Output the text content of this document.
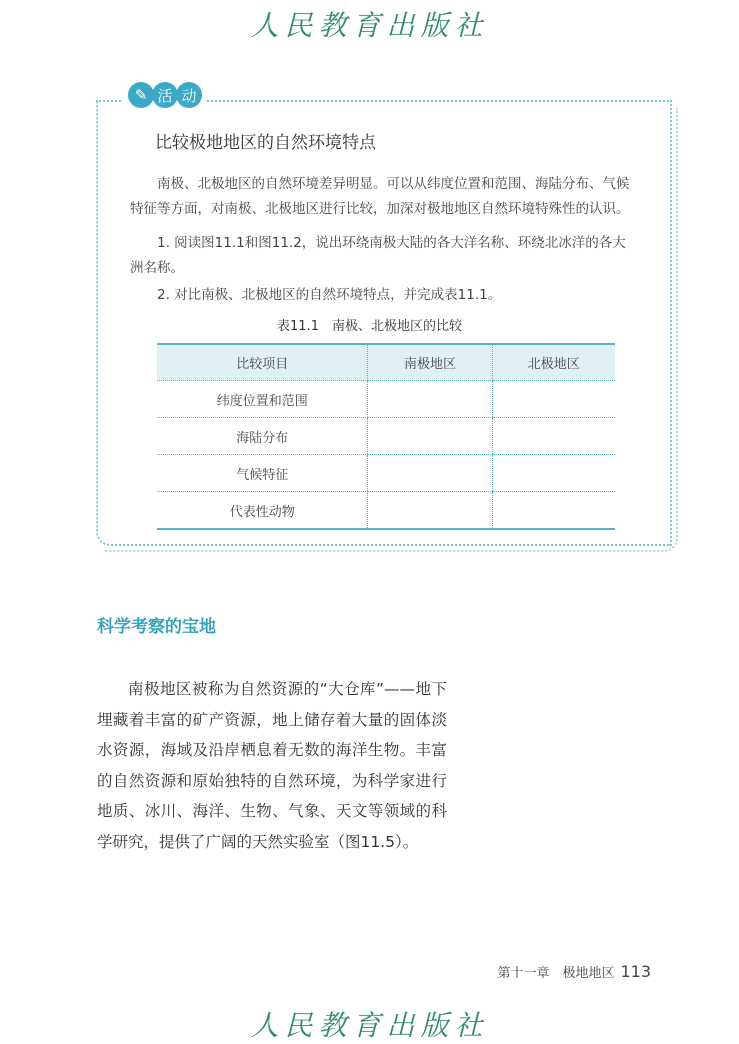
人民教育出版社
✎ 活 动
比较极地地区的自然环境特点
南极、北极地区的自然环境差异明显。可以从纬度位置和范围、海陆分布、气候特征等方面，对南极、北极地区进行比较，加深对极地地区自然环境特殊性的认识。
1. 阅读图11.1和图11.2，说出环绕南极大陆的各大洋名称、环绕北冰洋的各大洲名称。
2. 对比南极、北极地区的自然环境特点，并完成表11.1。
表11.1　南极、北极地区的比较
比较项目	南极地区	北极地区
纬度位置和范围		
海陆分布		
气候特征		
代表性动物		
科学考察的宝地
南极地区被称为自然资源的“大仓库”——地下埋藏着丰富的矿产资源，地上储存着大量的固体淡水资源，海域及沿岸栖息着无数的海洋生物。丰富的自然资源和原始独特的自然环境，为科学家进行地质、冰川、海洋、生物、气象、天文等领域的科学研究，提供了广阔的天然实验室（图11.5）。
第十一章　极地地区 113
人民教育出版社
